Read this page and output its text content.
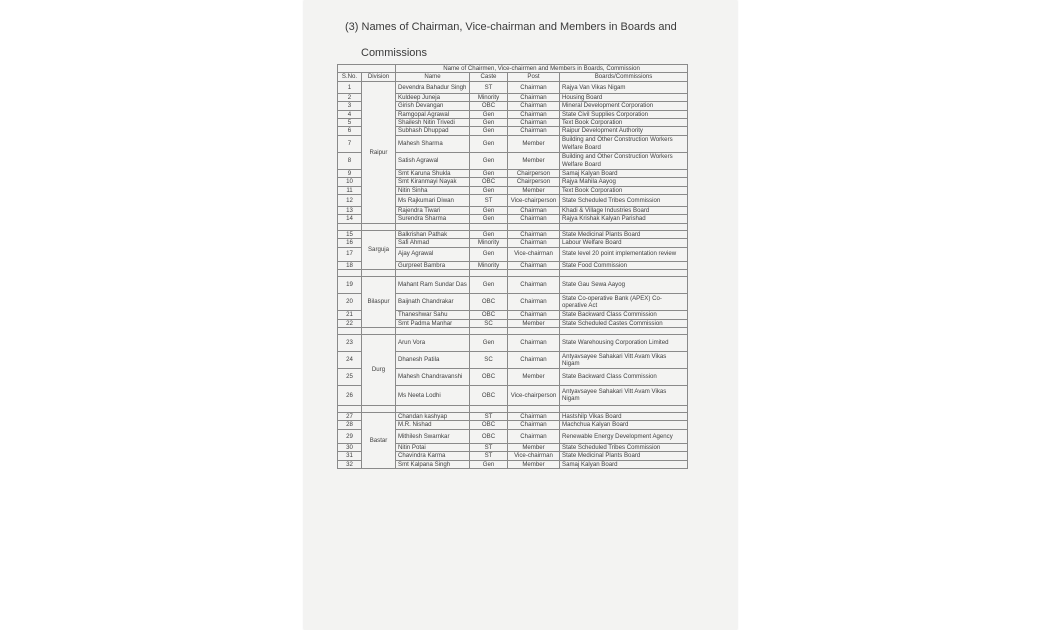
(3) Names of Chairman, Vice-chairman and Members in Boards and
Commissions
		Name of Chairmen, Vice-chairmen and Members in Boards, Commission			
S.No.	Division	Name	Caste	Post	Boards/Commissions
1	Raipur	Devendra Bahadur Singh	ST	Chairman	Rajya Van Vikas Nigam
2		Kuldeep Juneja	Minority	Chairman	Housing Board
3		Girish Devangan	OBC	Chairman	Mineral Development Corporation
4		Ramgopal Agrawal	Gen	Chairman	State Civil Supplies Corporation
5		Shailesh Nitin Trivedi	Gen	Chairman	Text Book Corporation
6		Subhash Dhuppad	Gen	Chairman	Raipur Development Authority
7		Mahesh Sharma	Gen	Member	Building and Other Construction Workers Welfare Board
8		Satish Agrawal	Gen	Member	Building and Other Construction Workers Welfare Board
9		Smt Karuna Shukla	Gen	Chairperson	Samaj Kalyan Board
10		Smt Kiranmayi Nayak	OBC	Chairperson	Rajya Mahila Aayog
11		Nitin Sinha	Gen	Member	Text Book Corporation
12		Ms Rajkumari Diwan	ST	Vice-chairperson	State Scheduled Tribes Commission
13		Rajendra Tiwari	Gen	Chairman	Khadi & Village Industries Board
14		Surendra Sharma	Gen	Chairman	Rajya Krishak Kalyan Parishad

15	Sarguja	Balkrishan Pathak	Gen	Chairman	State Medicinal Plants Board
16		Safi Ahmad	Minority	Chairman	Labour Welfare Board
17		Ajay Agrawal	Gen	Vice-chairman	State level 20 point implementation review
18		Gurpreet Bambra	Minority	Chairman	State Food Commission

19	Bilaspur	Mahant Ram Sundar Das	Gen	Chairman	State Gau Sewa Aayog
20		Baijnath Chandrakar	OBC	Chairman	State Co-operative Bank (APEX) Co-operative Act
21		Thaneshwar Sahu	OBC	Chairman	State Backward Class Commission
22		Smt Padma Manhar	SC	Member	State Scheduled Castes Commission

23	Durg	Arun Vora	Gen	Chairman	State Warehousing Corporation Limited
24		Dhanesh Patila	SC	Chairman	Antyavsayee Sahakari Vitt Avam Vikas Nigam
25		Mahesh Chandravanshi	OBC	Member	State Backward Class Commission
26		Ms Neeta Lodhi	OBC	Vice-chairperson	Antyavsayee Sahakari Vitt Avam Vikas Nigam

27	Bastar	Chandan kashyap	ST	Chairman	Hastshilp Vikas Board
28		M.R. Nishad	OBC	Chairman	Machchua Kalyan Board
29		Mithilesh Swarnkar	OBC	Chairman	Renewable Energy Development Agency
30		Nitin Potai	ST	Member	State Scheduled Tribes Commission
31		Chavindra Karma	ST	Vice-chairman	State Medicinal Plants Board
32		Smt Kalpana Singh	Gen	Member	Samaj Kalyan Board
